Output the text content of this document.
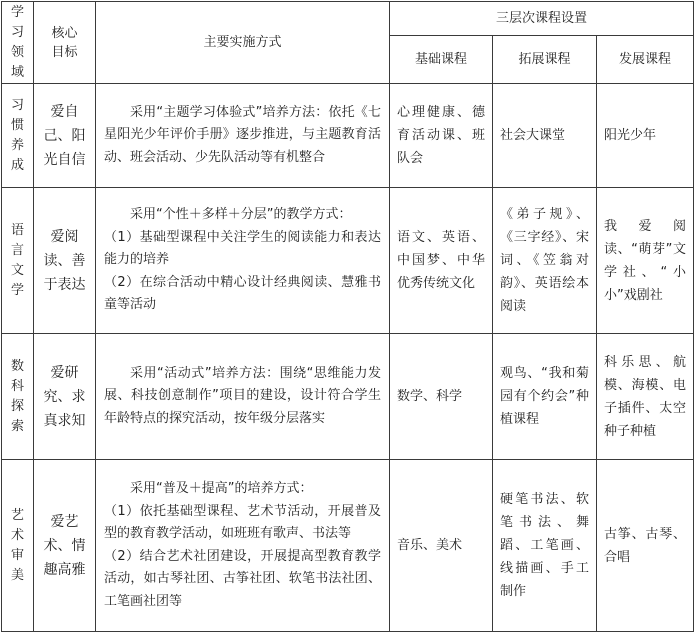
学习领域	核心目标	主要实施方式	三层次课程设置		
			基础课程	拓展课程	发展课程
习惯养成	爱自己、阳光自信	采用“主题学习体验式”培养方法：依托《七星阳光少年评价手册》逐步推进，与主题教育活动、班会活动、少先队活动等有机整合	心理健康、德育活动课、班队会	社会大课堂	阳光少年
语言文学	爱阅读、善于表达	采用“个性＋多样＋分层”的教学方式：

（1）基础型课程中关注学生的阅读能力和表达能力的培养

（2）在综合活动中精心设计经典阅读、慧雅书童等活动	语文、英语、中国梦、中华优秀传统文化	《弟子规》、《三字经》、宋词、《笠翁对韵》、英语绘本阅读	我爱阅读、“萌芽”文学社、“小小”戏剧社
数科探索	爱研究、求真求知	采用“活动式”培养方法：围绕“思维能力发展、科技创意制作”项目的建设，设计符合学生年龄特点的探究活动，按年级分层落实	数学、科学	观鸟、“我和菊园有个约会”种植课程	科乐思、航模、海模、电子插件、太空种子种植
艺术审美	爱艺术、情趣高雅	采用“普及＋提高”的培养方式：

（1）依托基础型课程、艺术节活动，开展普及型的教育教学活动，如班班有歌声、书法等

（2）结合艺术社团建设，开展提高型教育教学活动，如古琴社团、古筝社团、软笔书法社团、工笔画社团等	音乐、美术	硬笔书法、软笔书法、舞蹈、工笔画、线描画、手工制作	古筝、古琴、合唱
